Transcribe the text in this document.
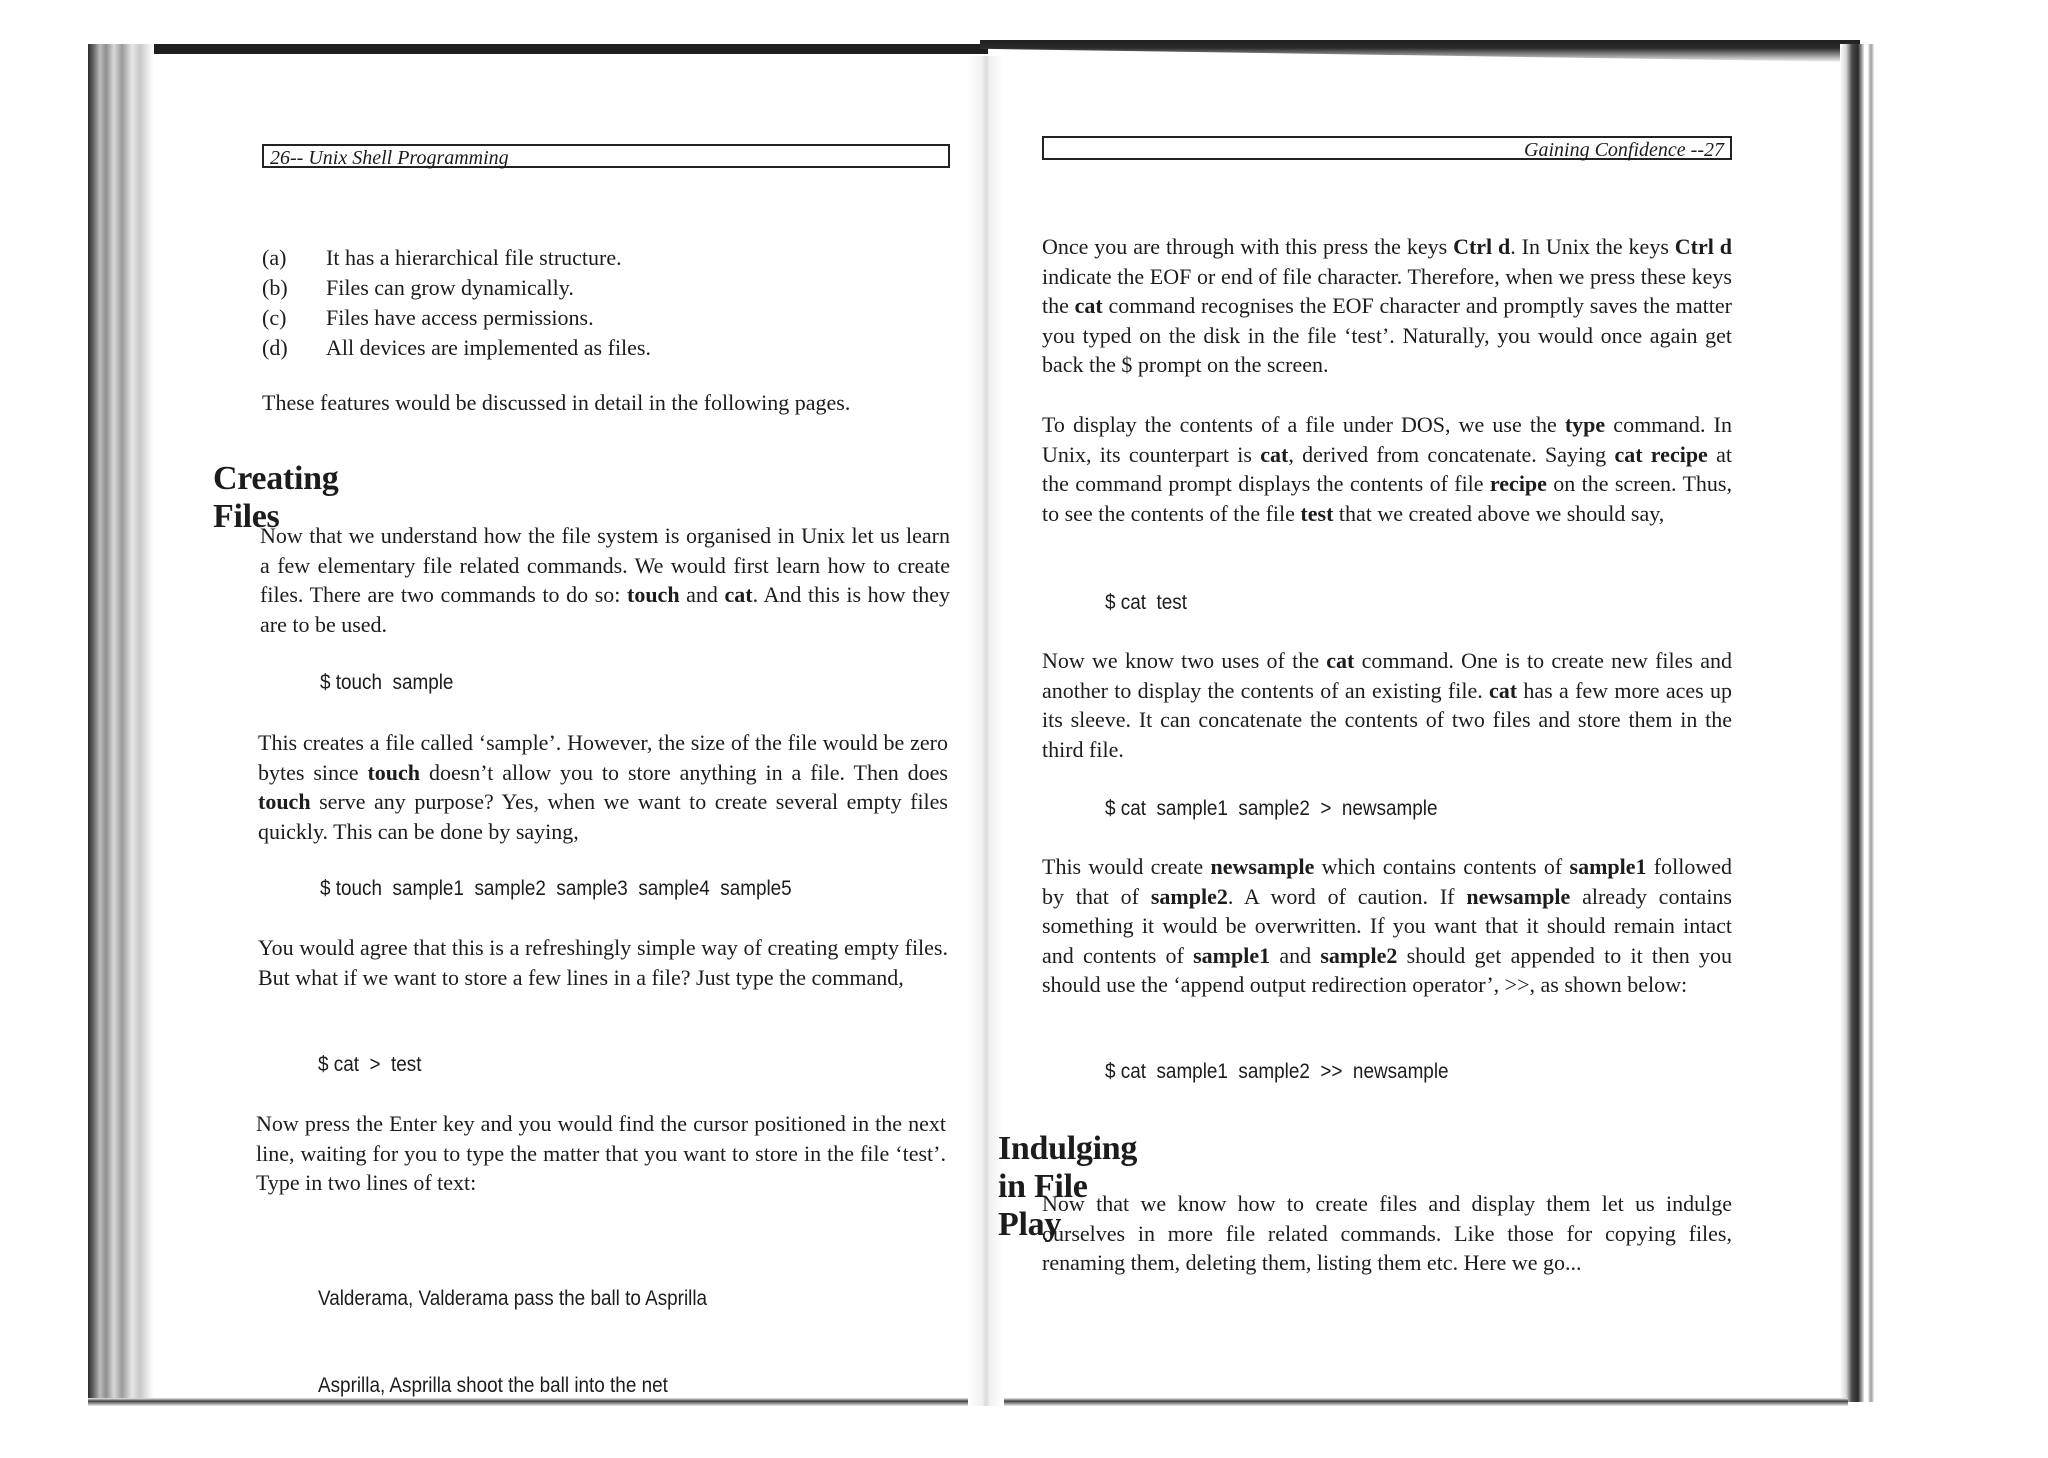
26-- Unix Shell Programming
(a)	It has a hierarchical file structure.
(b)	Files can grow dynamically.
(c)	Files have access permissions.
(d)	All devices are implemented as files.

These features would be discussed in detail in the following pages.

Creating Files

Now that we understand how the file system is organised in Unix let us learn a few elementary file related commands. We would first learn how to create files. There are two commands to do so: touch and cat. And this is how they are to be used.

$ touch  sample

This creates a file called ‘sample’. However, the size of the file would be zero bytes since touch doesn’t allow you to store anything in a file. Then does touch serve any purpose? Yes, when we want to create several empty files quickly. This can be done by saying,

$ touch  sample1  sample2  sample3  sample4  sample5

You would agree that this is a refreshingly simple way of creating empty files. But what if we want to store a few lines in a file? Just type the command,

$ cat  >  test

Now press the Enter key and you would find the cursor positioned in the next line, waiting for you to type the matter that you want to store in the file ‘test’. Type in two lines of text:

Valderama, Valderama pass the ball to Asprilla

Asprilla, Asprilla shoot the ball into the net

Gaining Confidence --27

Once you are through with this press the keys Ctrl d. In Unix the keys Ctrl d indicate the EOF or end of file character. Therefore, when we press these keys the cat command recognises the EOF character and promptly saves the matter you typed on the disk in the file ‘test’. Naturally, you would once again get back the $ prompt on the screen.

To display the contents of a file under DOS, we use the type command. In Unix, its counterpart is cat, derived from concatenate. Saying cat recipe at the command prompt displays the contents of file recipe on the screen. Thus, to see the contents of the file test that we created above we should say,

$ cat  test

Now we know two uses of the cat command. One is to create new files and another to display the contents of an existing file. cat has a few more aces up its sleeve. It can concatenate the contents of two files and store them in the third file.

$ cat  sample1  sample2  >  newsample

This would create newsample which contains contents of sample1 followed by that of sample2. A word of caution. If newsample already contains something it would be overwritten. If you want that it should remain intact and contents of sample1 and sample2 should get appended to it then you should use the ‘append output redirection operator’, >>, as shown below:

$ cat  sample1  sample2  >>  newsample
Indulging in File Play

Now that we know how to create files and display them let us indulge ourselves in more file related commands. Like those for copying files, renaming them, deleting them, listing them etc. Here we go...
